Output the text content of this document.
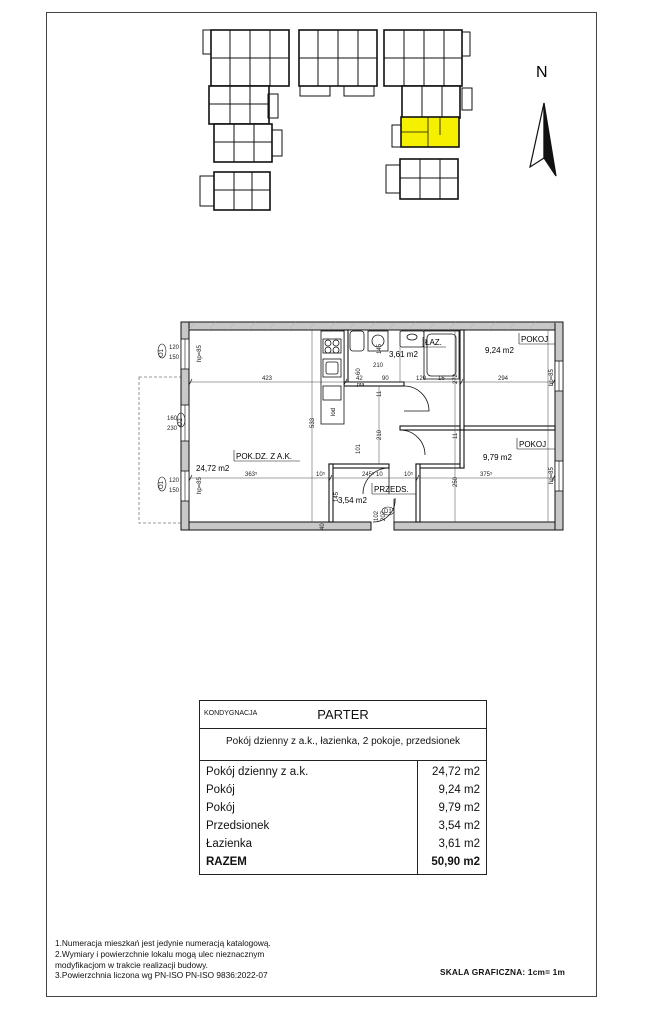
N
lod
pra
POK.DZ. Z A.K.
24,72 m2
POKOJ
9,24 m2
POKOJ
9,79 m2
PRZEDS.
3,54 m2
ŁAZ.
3,61 m2
423	294
120 16
90
42
363⁵	375⁵
245⁵
10⁵	10⁵
10
210
533
272
250
210
101
145
145
11
11
60
40
102 207
O1
120
150	hp=85
O1 120
150	hp=85
D2
160
230
hp=85
hp=85
D1
KONDYGNACJA	PARTER
Pokój dzienny z a.k., łazienka, 2 pokoje, przedsionek
Pokój dzienny z a.k.	24,72 m2
Pokój	9,24 m2
Pokój	9,79 m2
Przedsionek	3,54 m2
Łazienka	3,61 m2
RAZEM	50,90 m2
1.Numeracja mieszkań jest jedynie numeracją katalogową.
2.Wymiary i powierzchnie lokalu mogą ulec nieznacznym
modyfikacjom w trakcie realizacji budowy.
3.Powierzchnia liczona wg PN-ISO PN-ISO 9836:2022-07	SKALA GRAFICZNA: 1cm= 1m
